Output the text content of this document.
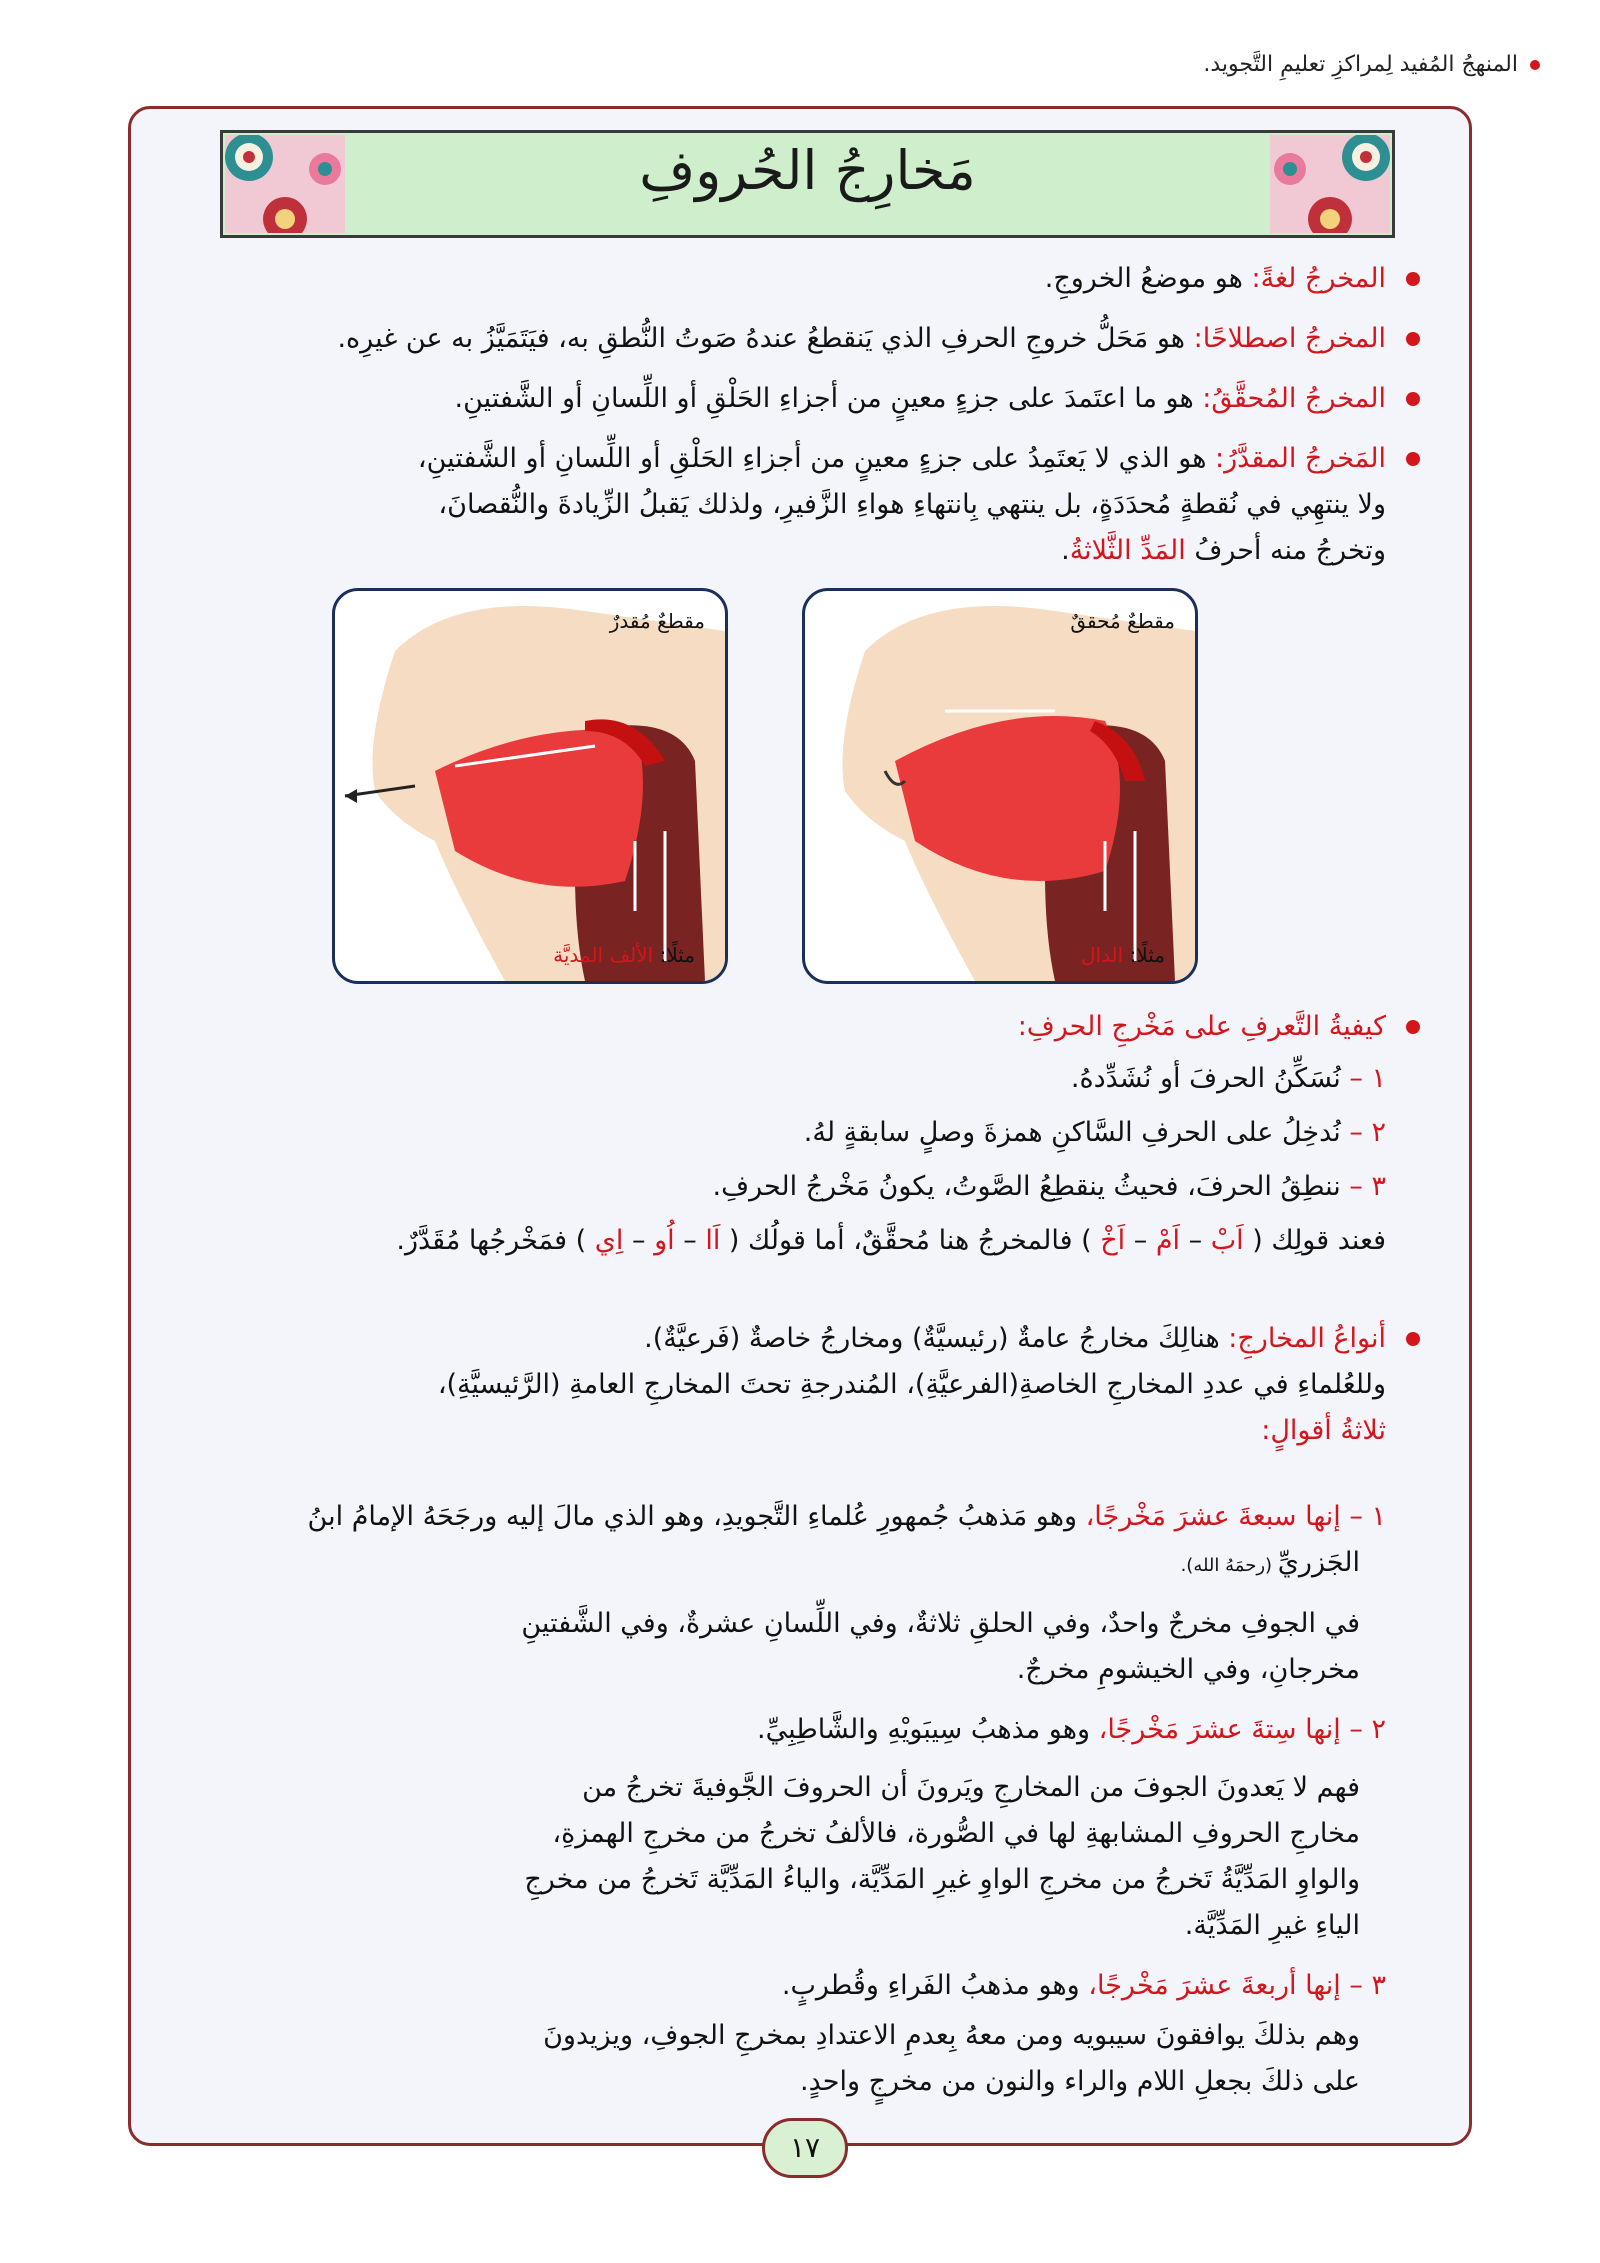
المنهجُ المُفيد لِمراكزِ تعليمِ التَّجويد.
مَخارِجُ الحُروفِ
المخرجُ لغةً: هو موضعُ الخروجِ.
المخرجُ اصطلاحًا: هو مَحَلُّ خروجِ الحرفِ الذي يَنقطعُ عندهُ صَوتُ النُّطقِ به، فيَتَمَيَّزُ به عن غيرِه.
المخرجُ المُحقَّقُ: هو ما اعتَمدَ على جزءٍ معينٍ من أجزاءِ الحَلْقِ أو اللِّسانِ أو الشَّفتينِ.
المَخرجُ المقدَّرُ: هو الذي لا يَعتَمِدُ على جزءٍ معينٍ من أجزاءِ الحَلْقِ أو اللِّسانِ أو الشَّفتينِ،
ولا ينتهِي في نُقطةٍ مُحدَدَةٍ، بل ينتهي بِانتهاءِ هواءِ الزَّفيرِ، ولذلك يَقبلُ الزِّيادةَ والنُّقصانَ،
وتخرجُ منه أحرفُ المَدِّ الثَّلاثةُ.
مقطعٌ مُحققٌ
مثلًا: الدال
مقطعٌ مُقدرٌ
مثلًا: الألف المديَّة
كيفيةُ التَّعرفِ على مَخْرجِ الحرفِ:
١ – نُسَكِّنُ الحرفَ أو نُشَدِّدهُ.
٢ – نُدخِلُ على الحرفِ السَّاكنِ همزةَ وصلٍ سابقةٍ لهُ.
٣ – ننطِقُ الحرفَ، فحيثُ ينقطِعُ الصَّوتُ، يكونُ مَخْرجُ الحرفِ.
فعند قولِك ( اَبْ – اَمْ – اَخْ ) فالمخرجُ هنا مُحقَّقٌ، أما قولُك ( اَا – اُو – اِي ) فمَخْرجُها مُقَدَّرٌ.
أنواعُ المخارجِ: هنالِكَ مخارجُ عامةٌ (رئيسيَّةٌ) ومخارجُ خاصةٌ (فَرعيَّةٌ).
وللعُلماءِ في عددِ المخارجِ الخاصةِ(الفرعيَّةِ)، المُندرجةِ تحتَ المخارجِ العامةِ (الرَّئيسيَّةِ)،
ثلاثةُ أقوالٍ:
١ – إنها سبعةَ عشرَ مَخْرجًا، وهو مَذهبُ جُمهورِ عُلماءِ التَّجويدِ، وهو الذي مالَ إليه ورجَحَهُ الإمامُ ابنُ
الجَزريِّ (رحمَهُ الله).
في الجوفِ مخرجٌ واحدٌ، وفي الحلقِ ثلاثةٌ، وفي اللِّسانِ عشرةٌ، وفي الشَّفتينِ
مخرجانِ، وفي الخيشومِ مخرجٌ.
٢ – إنها سِتةَ عشرَ مَخْرجًا، وهو مذهبُ سِيبَويْهِ والشَّاطِبِيِّ.
فهم لا يَعدونَ الجوفَ من المخارجِ ويَرونَ أن الحروفَ الجَّوفيةَ تخرجُ من
مخارجِ الحروفِ المشابهةِ لها في الصُّورة، فالألفُ تخرجُ من مخرجِ الهمزةِ،
والواوِ المَدِّيَّةُ تَخرجُ من مخرجِ الواوِ غيرِ المَدِّيَّة، والياءُ المَدِّيَّة تَخرجُ من مخرجِ
الياءِ غيرِ المَدِّيَّة.
٣ – إنها أربعةَ عشرَ مَخْرجًا، وهو مذهبُ الفَراءِ وقُطربٍ.
وهم بذلكَ يوافقونَ سيبويه ومن معهُ بِعدمِ الاعتدادِ بمخرجِ الجوفِ، ويزيدونَ
على ذلكَ بجعلِ اللام والراء والنون من مخرجٍ واحدٍ.
١٧
